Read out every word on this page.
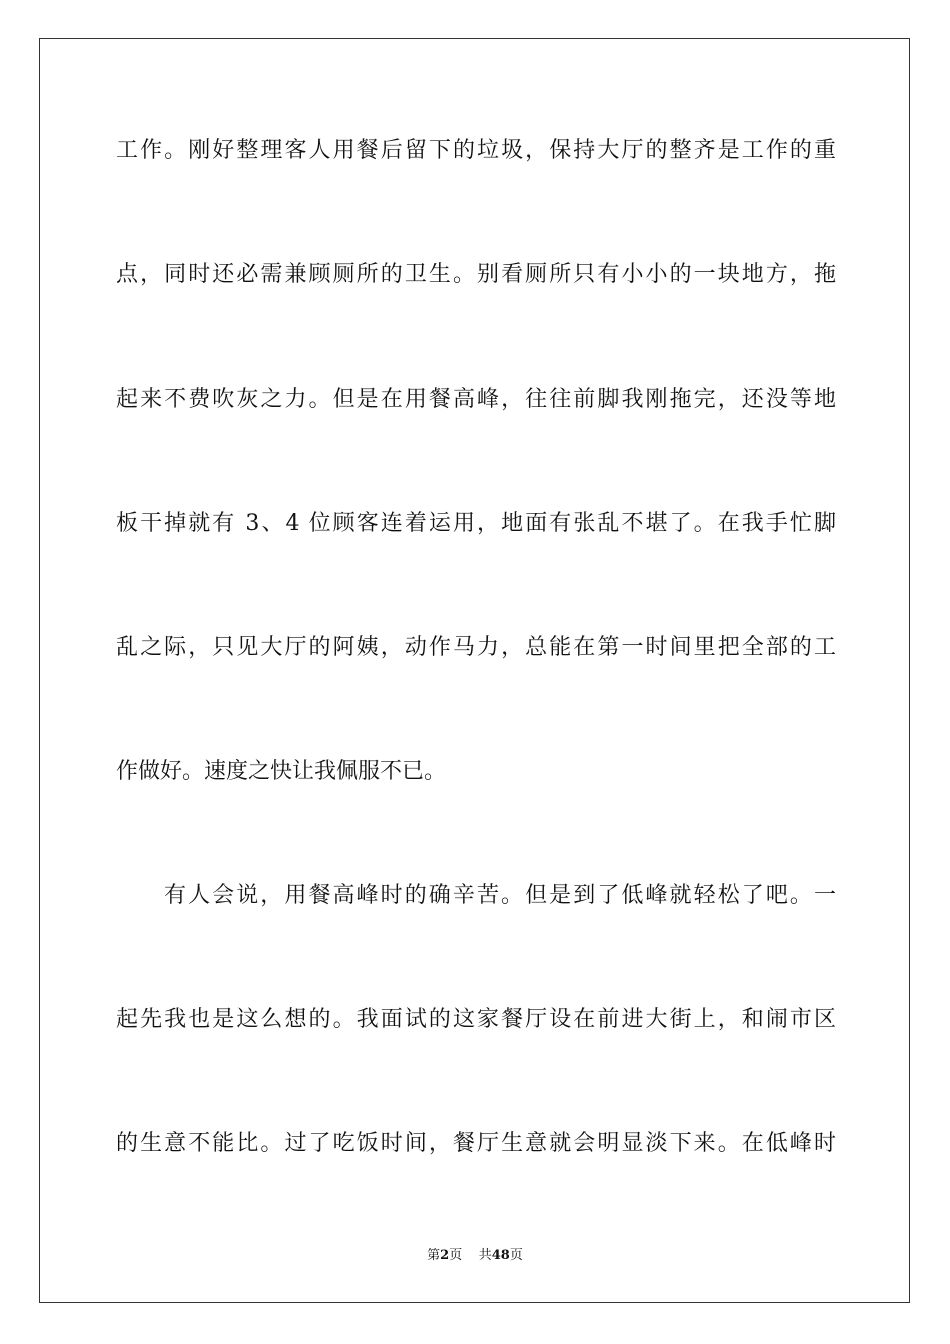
工作。刚好整理客人用餐后留下的垃圾，保持大厅的整齐是工作的重
点，同时还必需兼顾厕所的卫生。别看厕所只有小小的一块地方，拖
起来不费吹灰之力。但是在用餐高峰，往往前脚我刚拖完，还没等地
板干掉就有 3、4 位顾客连着运用，地面有张乱不堪了。在我手忙脚
乱之际，只见大厅的阿姨，动作马力，总能在第一时间里把全部的工
作做好。速度之快让我佩服不已。
有人会说，用餐高峰时的确辛苦。但是到了低峰就轻松了吧。一
起先我也是这么想的。我面试的这家餐厅设在前进大街上，和闹市区
的生意不能比。过了吃饭时间，餐厅生意就会明显淡下来。在低峰时
第2页 共48页
